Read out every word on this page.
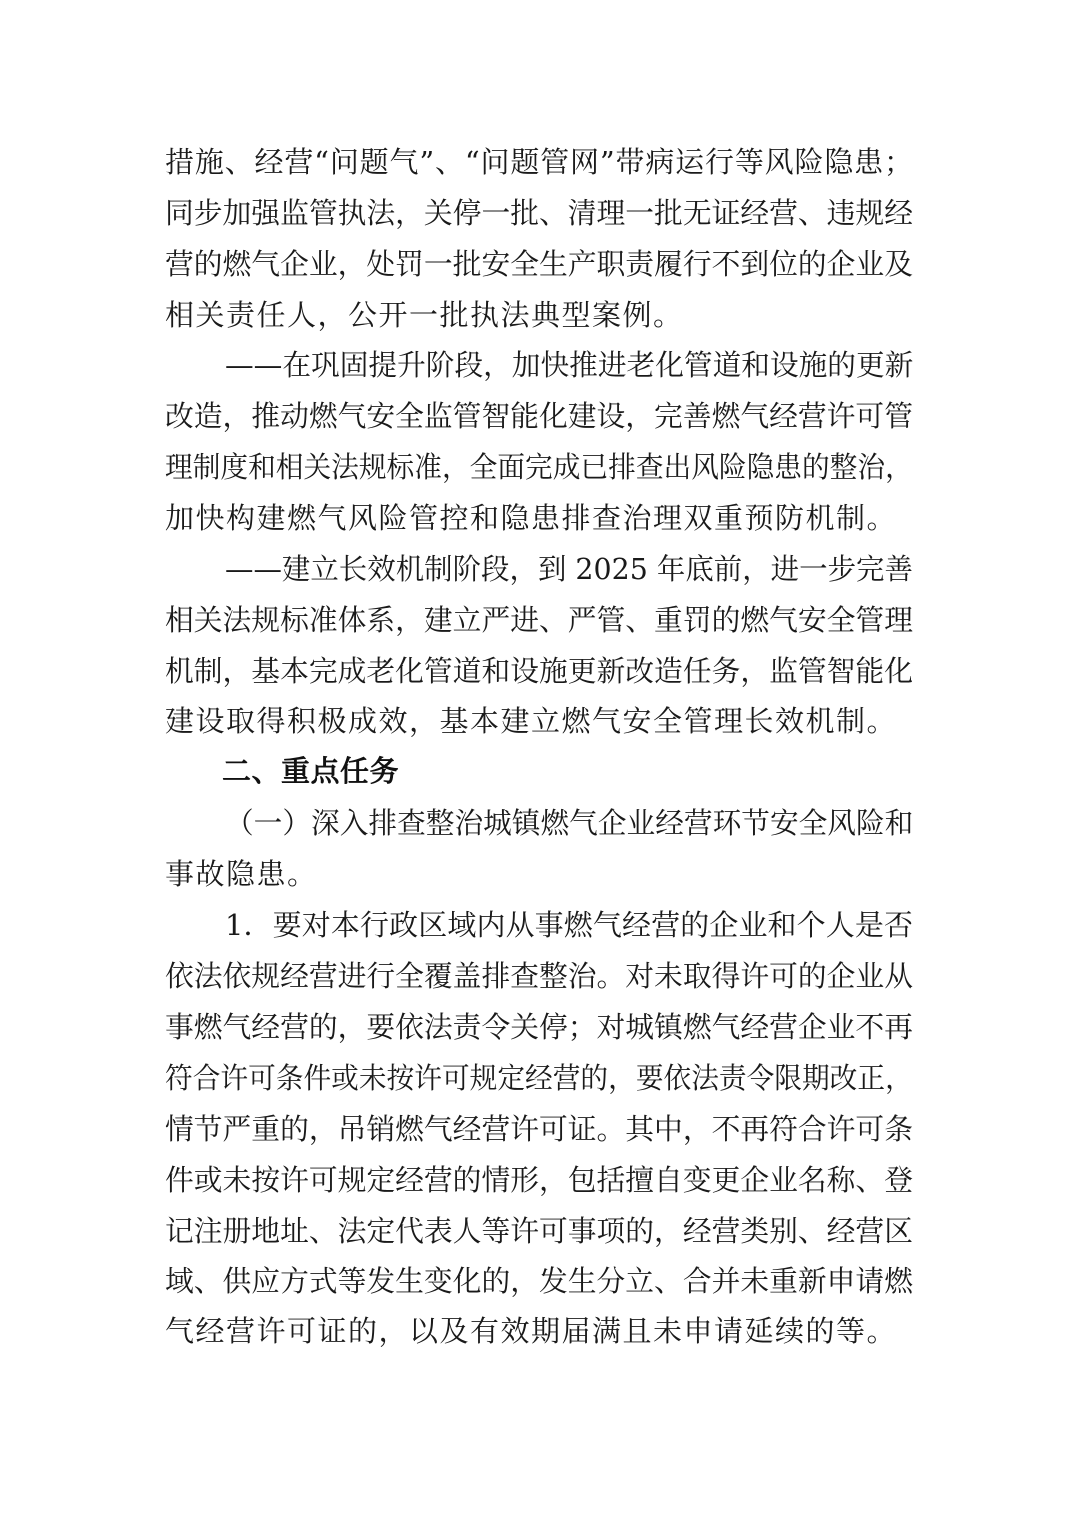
措施、经营“问题气”、“问题管网”带病运行等风险隐患；
同步加强监管执法，关停一批、清理一批无证经营、违规经
营的燃气企业，处罚一批安全生产职责履行不到位的企业及
相关责任人，公开一批执法典型案例。
——在巩固提升阶段，加快推进老化管道和设施的更新
改造，推动燃气安全监管智能化建设，完善燃气经营许可管
理制度和相关法规标准，全面完成已排查出风险隐患的整治，
加快构建燃气风险管控和隐患排查治理双重预防机制。
——建立长效机制阶段，到 2025 年底前，进一步完善
相关法规标准体系，建立严进、严管、重罚的燃气安全管理
机制，基本完成老化管道和设施更新改造任务，监管智能化
建设取得积极成效，基本建立燃气安全管理长效机制。
二、重点任务
（一）深入排查整治城镇燃气企业经营环节安全风险和
事故隐患。
1．要对本行政区域内从事燃气经营的企业和个人是否
依法依规经营进行全覆盖排查整治。对未取得许可的企业从
事燃气经营的，要依法责令关停；对城镇燃气经营企业不再
符合许可条件或未按许可规定经营的，要依法责令限期改正，
情节严重的，吊销燃气经营许可证。其中，不再符合许可条
件或未按许可规定经营的情形，包括擅自变更企业名称、登
记注册地址、法定代表人等许可事项的，经营类别、经营区
域、供应方式等发生变化的，发生分立、合并未重新申请燃
气经营许可证的，以及有效期届满且未申请延续的等。
